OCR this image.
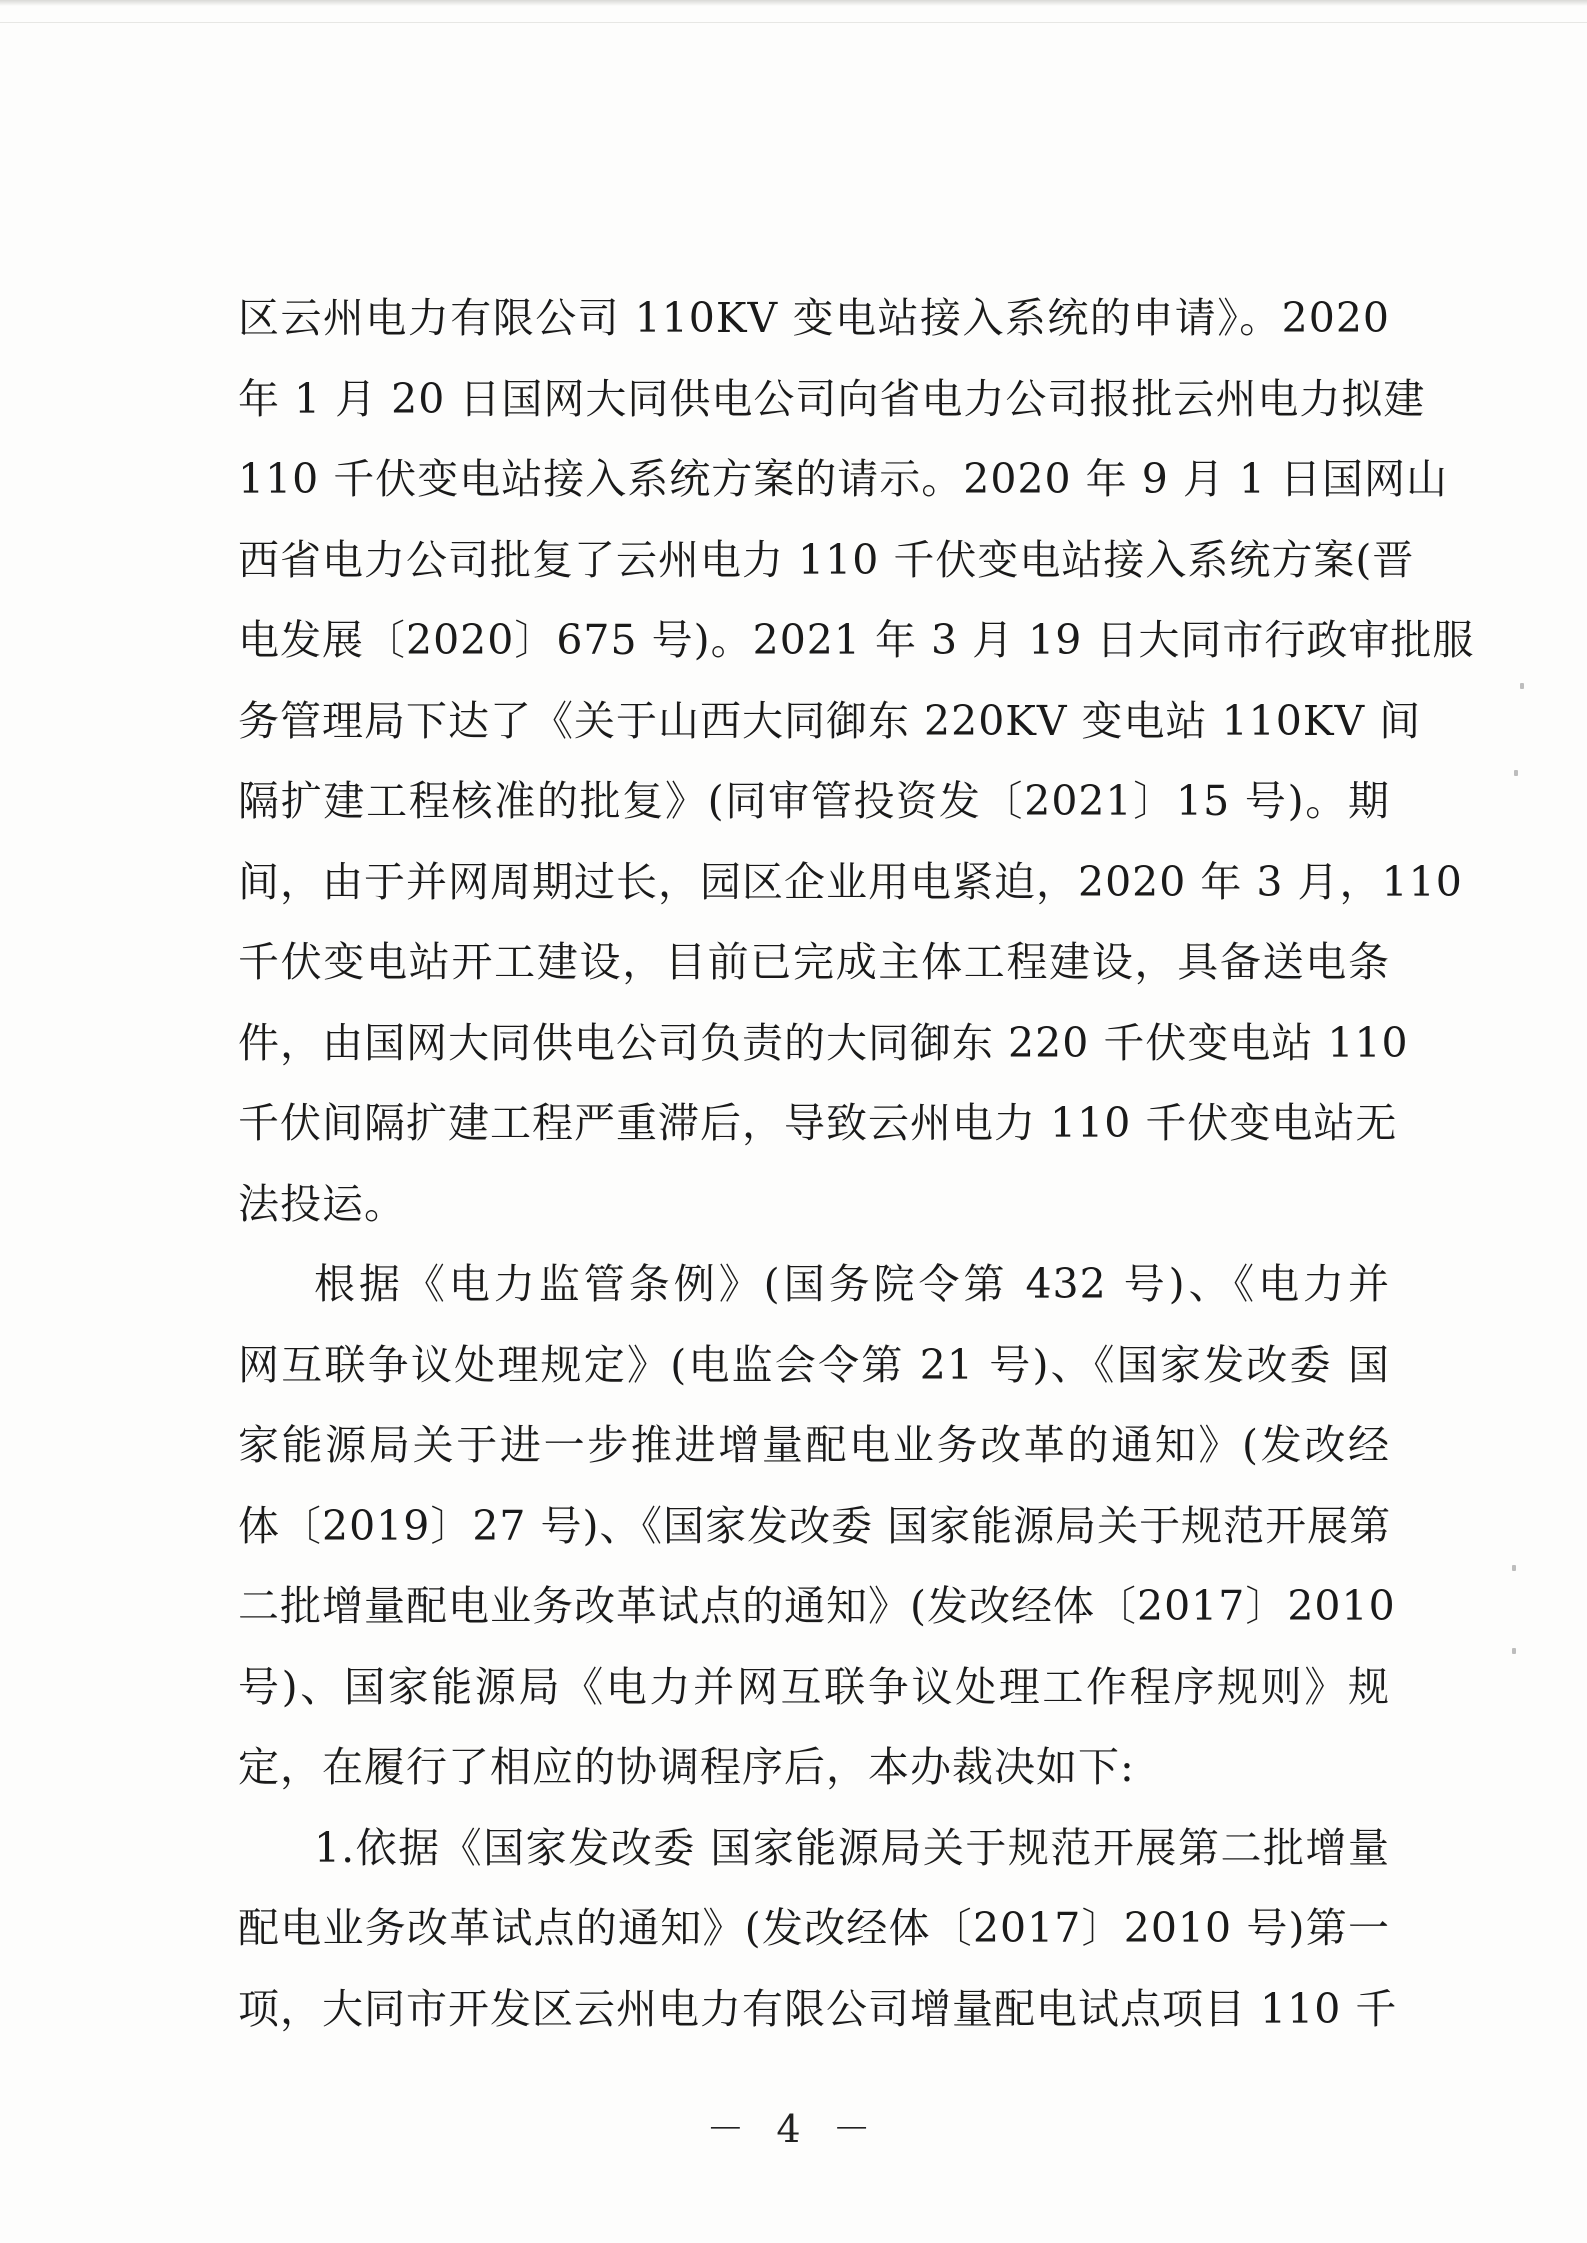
区云州电力有限公司 110KV 变电站接入系统的申请》。2020
年 1 月 20 日国网大同供电公司向省电力公司报批云州电力拟建
110 千伏变电站接入系统方案的请示。2020 年 9 月 1 日国网山
西省电力公司批复了云州电力 110 千伏变电站接入系统方案(晋
电发展〔2020〕675 号)。2021 年 3 月 19 日大同市行政审批服
务管理局下达了《关于山西大同御东 220KV 变电站 110KV 间
隔扩建工程核准的批复》(同审管投资发〔2021〕15 号)。期
间，由于并网周期过长，园区企业用电紧迫，2020 年 3 月，110
千伏变电站开工建设，目前已完成主体工程建设，具备送电条
件，由国网大同供电公司负责的大同御东 220 千伏变电站 110
千伏间隔扩建工程严重滞后，导致云州电力 110 千伏变电站无
法投运。
根据《电力监管条例》(国务院令第 432 号)、《电力并
网互联争议处理规定》(电监会令第 21 号)、《国家发改委 国
家能源局关于进一步推进增量配电业务改革的通知》(发改经
体〔2019〕27 号)、《国家发改委 国家能源局关于规范开展第
二批增量配电业务改革试点的通知》(发改经体〔2017〕2010
号)、国家能源局《电力并网互联争议处理工作程序规则》规
定，在履行了相应的协调程序后，本办裁决如下:
1.依据《国家发改委 国家能源局关于规范开展第二批增量
配电业务改革试点的通知》(发改经体〔2017〕2010 号)第一
项，大同市开发区云州电力有限公司增量配电试点项目 110 千
－ 4 －
